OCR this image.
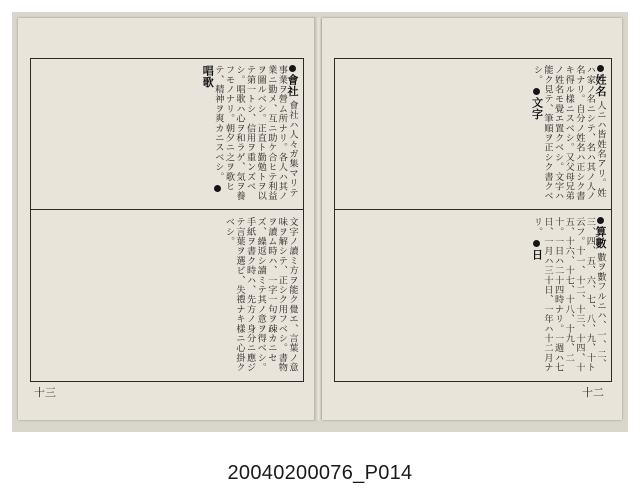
會社 會社ハ人々ガ集マリテ事業ヲ營ム所ナリ。各人ハ其ノ業ニ勤メ、互ニ助ケ合ヒテ利益ヲ圖ルベシ。正直ト勤勉トヲ以テ第一トシ、信用ヲ重ンズベシ。唱歌ハ心ヲ和ラゲ、気ヲ養フモノナリ。朝夕ニ之ヲ歌ヒテ、精神ヲ爽カニスベシ。 唱歌
文字ノ讀ミ方ヲ能ク覺エ、言葉ノ意味ヲ解シテ、正シク用フベシ。書物ヲ讀ム時ハ、一字一句ヲ疎カニセズ、繰返シ讀ミテ其ノ意ヲ得ベシ。手紙ヲ書ク時ハ、先方ノ身分ニ應ジテ言葉ヲ選ビ、失禮ナキ樣ニ心掛クベシ。
十三
姓名 人ニハ皆姓名アリ。姓ハ家ノ名ニシテ、名ハ其ノ人ノ名ナリ。自分ノ姓名ハ正シク書キ得ル樣ニスベシ。又父母兄弟ノ姓名モ覺エ置クベシ。文字ハ能ク見テ、筆順ヲ正シク書クベシ。 文字
算數 數ヲ數フルニハ、一、二、三、四、五、六、七、八、九、十ト云フ。十一、十二、十三、十四、十五、十六、十七、十八、十九、二十。一日ハ二十四時ナリ。一週ハ七日、一月ハ三十日、一年ハ十二月ナリ。 日
十二
20040200076_P014
